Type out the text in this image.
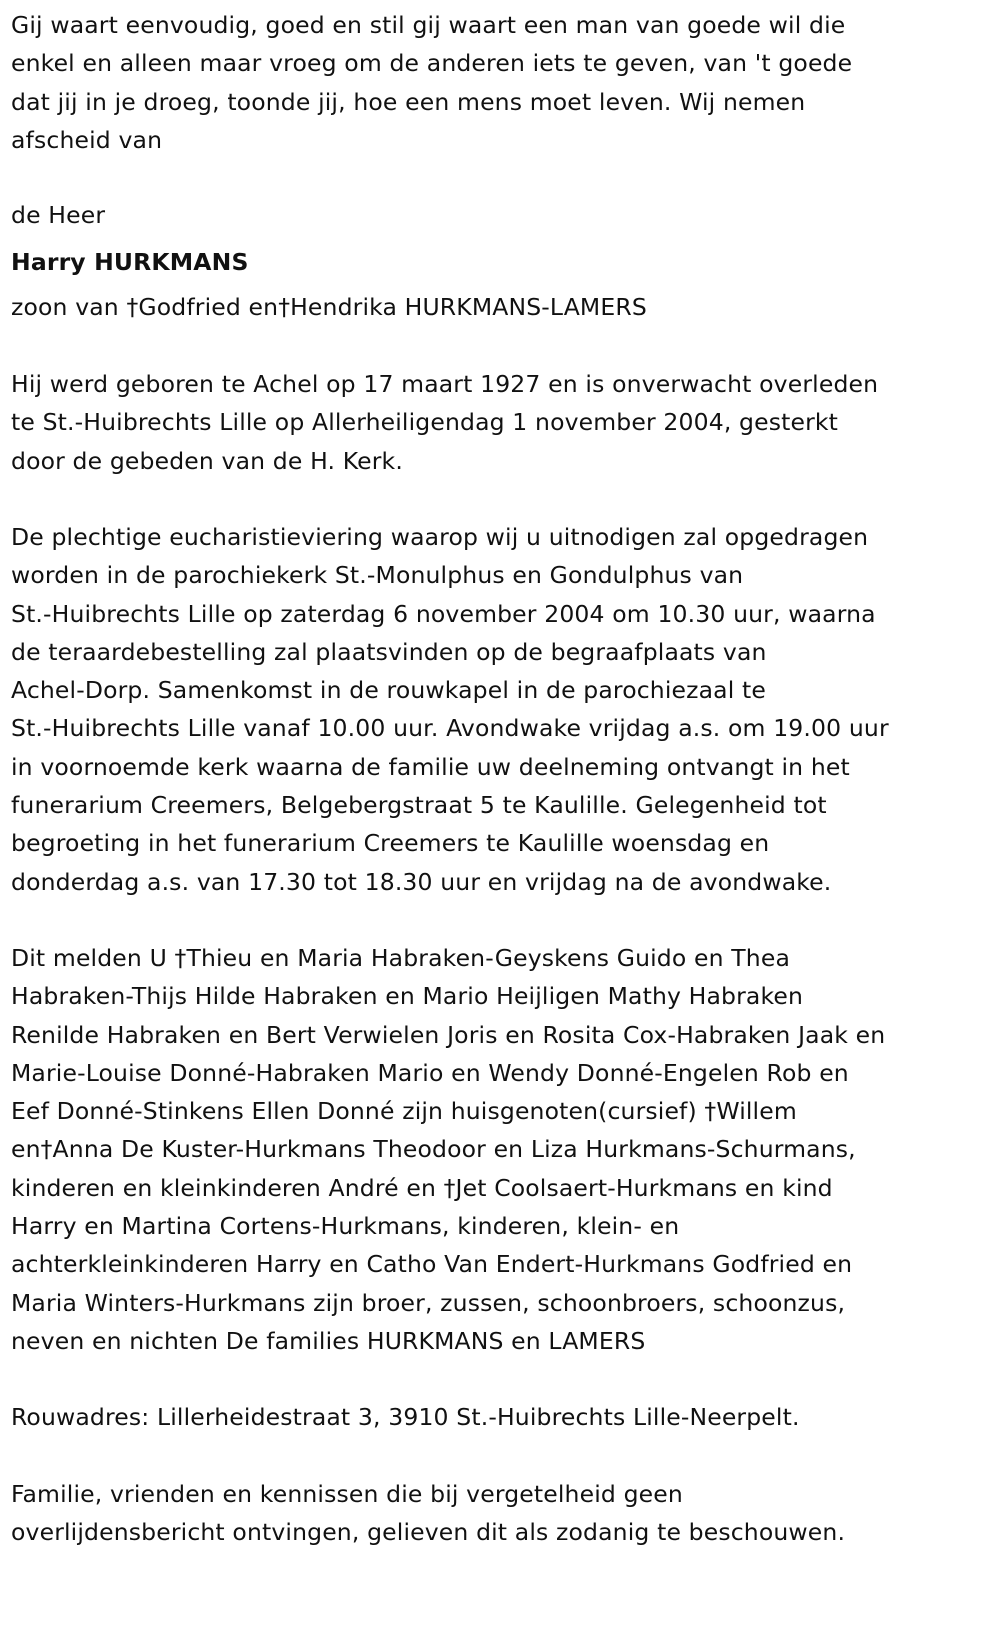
Gij waart eenvoudig, goed en stil gij waart een man van goede wil die
enkel en alleen maar vroeg om de anderen iets te geven, van 't goede
dat jij in je droeg, toonde jij, hoe een mens moet leven. Wij nemen
afscheid van
de Heer
Harry HURKMANS
zoon van †Godfried en†Hendrika HURKMANS-LAMERS
Hij werd geboren te Achel op 17 maart 1927 en is onverwacht overleden
te St.-Huibrechts Lille op Allerheiligendag 1 november 2004, gesterkt
door de gebeden van de H. Kerk.
De plechtige eucharistieviering waarop wij u uitnodigen zal opgedragen
worden in de parochiekerk St.-Monulphus en Gondulphus van
St.-Huibrechts Lille op zaterdag 6 november 2004 om 10.30 uur, waarna
de teraardebestelling zal plaatsvinden op de begraafplaats van
Achel-Dorp. Samenkomst in de rouwkapel in de parochiezaal te
St.-Huibrechts Lille vanaf 10.00 uur. Avondwake vrijdag a.s. om 19.00 uur
in voornoemde kerk waarna de familie uw deelneming ontvangt in het
funerarium Creemers, Belgebergstraat 5 te Kaulille. Gelegenheid tot
begroeting in het funerarium Creemers te Kaulille woensdag en
donderdag a.s. van 17.30 tot 18.30 uur en vrijdag na de avondwake.
Dit melden U †Thieu en Maria Habraken-Geyskens Guido en Thea
Habraken-Thijs Hilde Habraken en Mario Heijligen Mathy Habraken
Renilde Habraken en Bert Verwielen Joris en Rosita Cox-Habraken Jaak en
Marie-Louise Donné-Habraken Mario en Wendy Donné-Engelen Rob en
Eef Donné-Stinkens Ellen Donné zijn huisgenoten(cursief) †Willem
en†Anna De Kuster-Hurkmans Theodoor en Liza Hurkmans-Schurmans,
kinderen en kleinkinderen André en †Jet Coolsaert-Hurkmans en kind
Harry en Martina Cortens-Hurkmans, kinderen, klein- en
achterkleinkinderen Harry en Catho Van Endert-Hurkmans Godfried en
Maria Winters-Hurkmans zijn broer, zussen, schoonbroers, schoonzus,
neven en nichten De families HURKMANS en LAMERS
Rouwadres: Lillerheidestraat 3, 3910 St.-Huibrechts Lille-Neerpelt.
Familie, vrienden en kennissen die bij vergetelheid geen
overlijdensbericht ontvingen, gelieven dit als zodanig te beschouwen.
